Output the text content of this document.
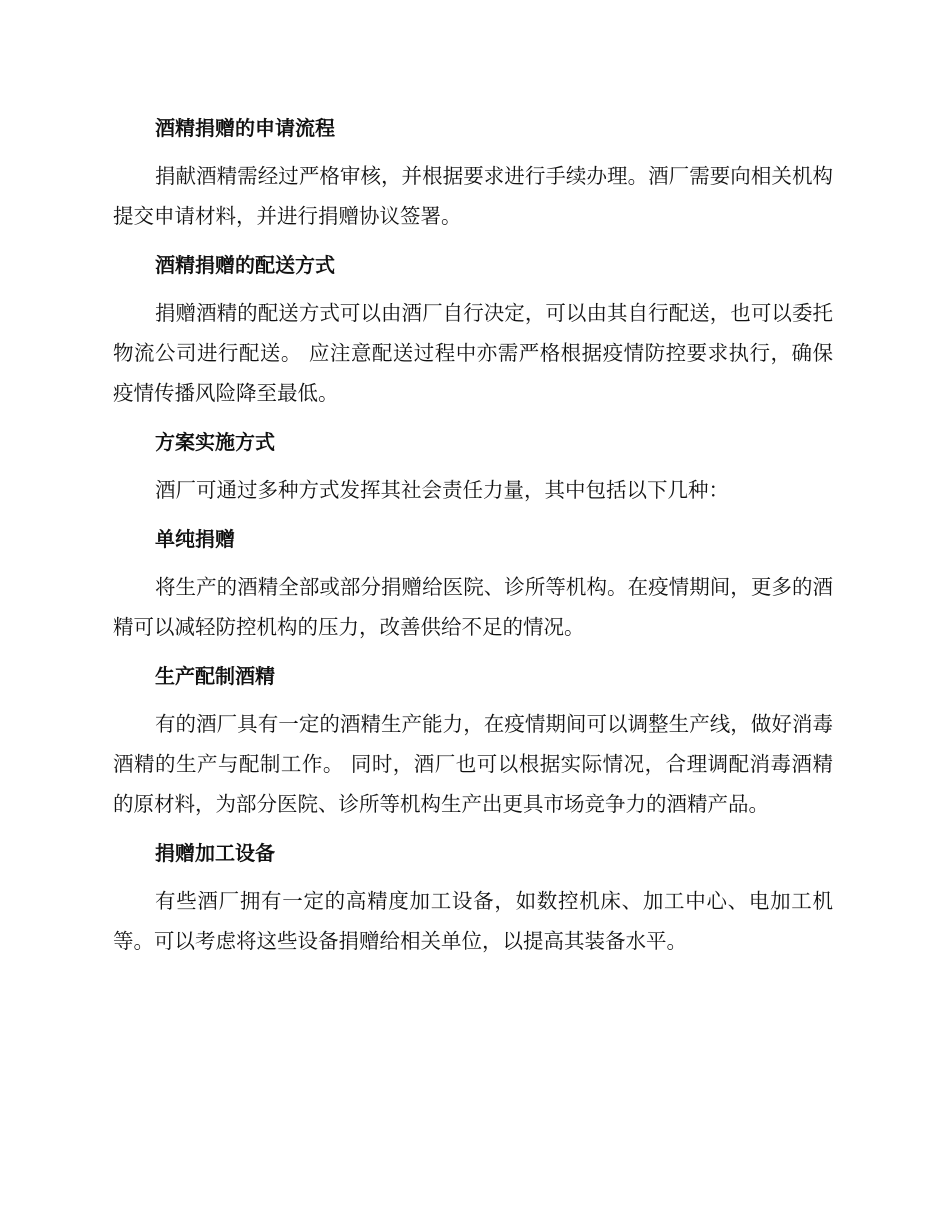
酒精捐赠的申请流程

捐献酒精需经过严格审核，并根据要求进行手续办理。酒厂需要向相关机构提交申请材料，并进行捐赠协议签署。

酒精捐赠的配送方式

捐赠酒精的配送方式可以由酒厂自行决定，可以由其自行配送，也可以委托物流公司进行配送。 应注意配送过程中亦需严格根据疫情防控要求执行，确保疫情传播风险降至最低。

方案实施方式

酒厂可通过多种方式发挥其社会责任力量，其中包括以下几种：

单纯捐赠

将生产的酒精全部或部分捐赠给医院、诊所等机构。在疫情期间，更多的酒精可以减轻防控机构的压力，改善供给不足的情况。

生产配制酒精

有的酒厂具有一定的酒精生产能力，在疫情期间可以调整生产线，做好消毒酒精的生产与配制工作。 同时，酒厂也可以根据实际情况，合理调配消毒酒精的原材料，为部分医院、诊所等机构生产出更具市场竞争力的酒精产品。

捐赠加工设备

有些酒厂拥有一定的高精度加工设备，如数控机床、加工中心、电加工机等。可以考虑将这些设备捐赠给相关单位，以提高其装备水平。
